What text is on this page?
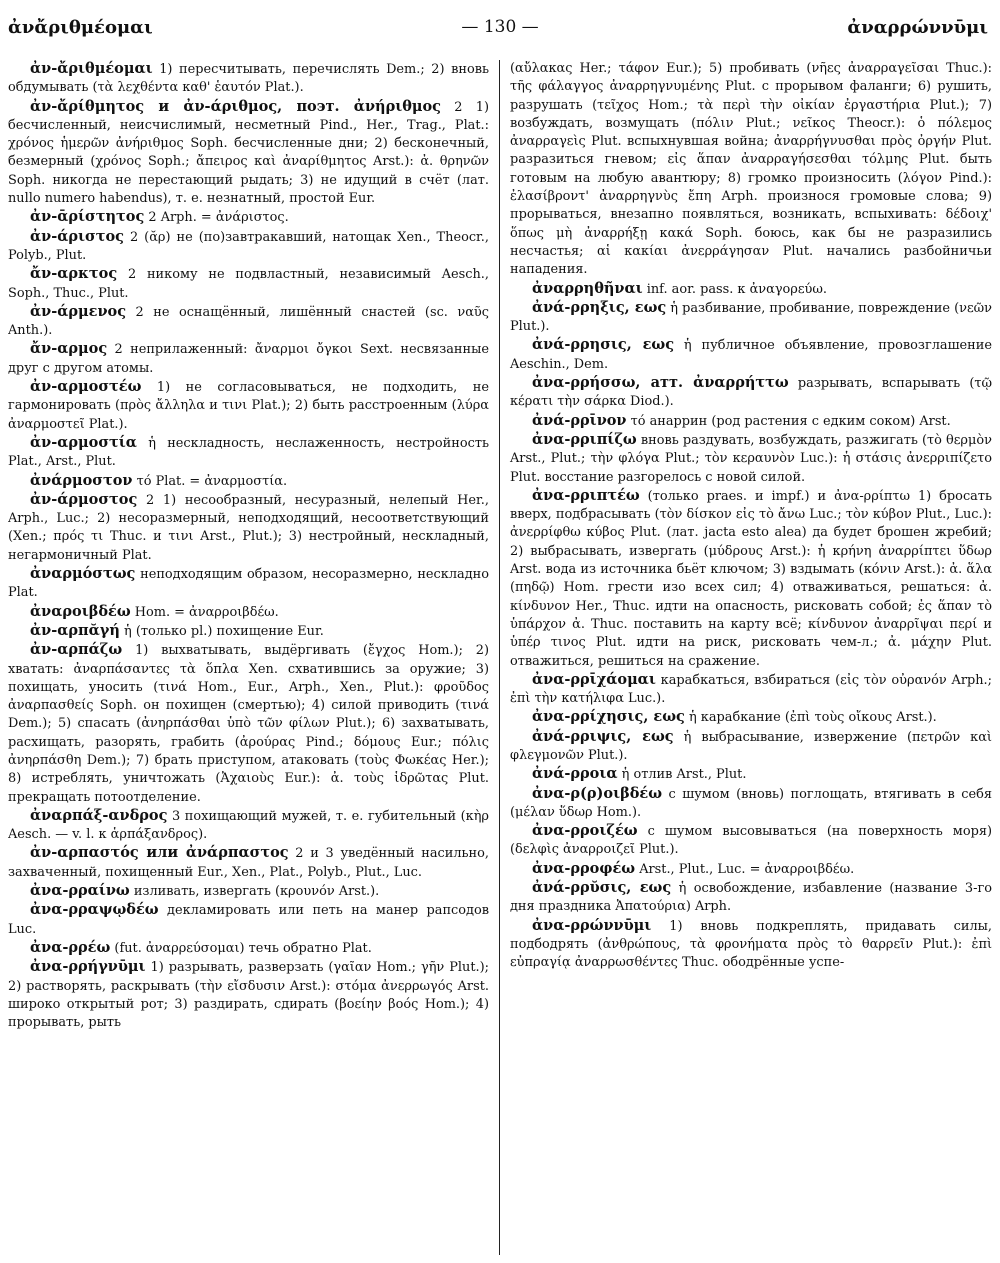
ἀνἄριθμέομαι	— 130 —	ἀναρρώννῡμι

ἀν-ἄριθμέομαι 1) пересчитывать, перечислять Dem.; 2) вновь обдумывать (τὰ λεχθέντα καθ' ἑαυτόν Plat.).

ἀν-ἄρίθμητος и ἀν-άριθμος, поэт. ἀνήριθμος 2 1) бесчисленный, неисчислимый, несметный Pind., Her., Trag., Plat.: χρόνος ἡμερῶν ἀνήριθμος Soph. бесчисленные дни; 2) бесконечный, безмерный (χρόνος Soph.; ἄπειρος καὶ ἀναρίθμητος Arst.): ἀ. θρηνῶν Soph. никогда не перестающий рыдать; 3) не идущий в счёт (лат. nullo numero habendus), т. е. незнатный, простой Eur.

ἀν-ᾱρίστητος 2 Arph. = ἀνάριστος.

ἀν-άριστος 2 (ᾰρ) не (по)завтракавший, натощак Xen., Theocr., Polyb., Plut.

ἄν-αρκτος 2 никому не подвластный, независимый Aesch., Soph., Thuc., Plut.

ἀν-άρμενος 2 не оснащённый, лишённый снастей (sc. ναῦς Anth.).

ἄν-αρμος 2 неприлаженный: ἄναρμοι ὄγκοι Sext. несвязанные друг с другом атомы.

ἀν-αρμοστέω 1) не согласовываться, не подходить, не гармонировать (πρὸς ἄλληλα и τινι Plat.); 2) быть расстроенным (λύρα ἀναρμοστεῖ Plat.).

ἀν-αρμοστία ἡ нескладность, неслаженность, нестройность Plat., Arst., Plut.

ἀνάρμοστον τό Plat. = ἀναρμοστία.

ἀν-άρμοστος 2 1) несообразный, несуразный, нелепый Her., Arph., Luc.; 2) несоразмерный, неподходящий, несоответствующий (Xen.; πρός τι Thuc. и τινι Arst., Plut.); 3) нестройный, нескладный, негармоничный Plat.

ἀναρμόστως неподходящим образом, несоразмерно, нескладно Plat.

ἀναροιβδέω Hom. = ἀναρροιβδέω.

ἀν-αρπᾰγή ἡ (только pl.) похищение Eur.

ἀν-αρπάζω 1) выхватывать, выдёргивать (ἔγχος Hom.); 2) хватать: ἀναρπάσαντες τὰ ὅπλα Xen. схватившись за оружие; 3) похищать, уносить (τινά Hom., Eur., Arph., Xen., Plut.): φροῦδος ἀναρπασθείς Soph. он похищен (смертью); 4) силой приводить (τινά Dem.); 5) спасать (ἀνηρπάσθαι ὑπὸ τῶν φίλων Plut.); 6) захватывать, расхищать, разорять, грабить (ἀρούρας Pind.; δόμους Eur.; πόλις ἀνηρπάσθη Dem.); 7) брать приступом, атаковать (τοὺς Φωκέας Her.); 8) истреблять, уничтожать (Ἀχαιοὺς Eur.): ἀ. τοὺς ἱδρῶτας Plut. прекращать потоотделение.

ἀναρπάξ-ανδρος 3 похищающий мужей, т. е. губительный (κὴρ Aesch. — v. l. к ἁρπάξανδρος).

ἀν-αρπαστός или ἀνάρπαστος 2 и 3 уведённый насильно, захваченный, похищенный Eur., Xen., Plat., Polyb., Plut., Luc.

ἀνα-ρραίνω изливать, извергать (κρουνόν Arst.).

ἀνα-ρραψῳδέω декламировать или петь на манер рапсодов Luc.

ἀνα-ρρέω (fut. ἀναρρεύσομαι) течь обратно Plat.

ἀνα-ρρήγνῡμι 1) разрывать, разверзать (γαῖαν Hom.; γῆν Plut.); 2) растворять, раскрывать (τὴν εἴσδυσιν Arst.): στόμα ἀνερρωγός Arst. широко открытый рот; 3) раздирать, сдирать (βοείην βοός Hom.); 4) прорывать, рыть

(αὔλακας Her.; τάφον Eur.); 5) пробивать (νῆες ἀναρραγεῖσαι Thuc.): τῆς φάλαγγος ἀναρρηγνυμένης Plut. с прорывом фаланги; 6) рушить, разрушать (τεῖχος Hom.; τὰ περὶ τὴν οἰκίαν ἐργαστήρια Plut.); 7) возбуждать, возмущать (πόλιν Plut.; νεῖκος Theocr.): ὁ πόλεμος ἀναρραγεὶς Plut. вспыхнувшая война; ἀναρρήγνυσθαι πρὸς ὀργήν Plut. разразиться гневом; εἰς ἅπαν ἀναρραγήσεσθαι τόλμης Plut. быть готовым на любую авантюру; 8) громко произносить (λόγον Pind.): ἐλασίβροντ' ἀναρρηγνὺς ἔπη Arph. произнося громовые слова; 9) прорываться, внезапно появляться, возникать, вспыхивать: δέδοιχ' ὅπως μὴ ἀναρρήξῃ κακά Soph. боюсь, как бы не разразились несчастья; αἱ κακίαι ἀνερράγησαν Plut. начались разбойничьи нападения.

ἀναρρηθῆναι inf. aor. pass. к ἀναγορεύω.

ἀνά-ρρηξις, εως ἡ разбивание, пробивание, повреждение (νεῶν Plut.).

ἀνά-ρρησις, εως ἡ публичное объявление, провозглашение Aeschin., Dem.

ἀνα-ρρήσσω, атт. ἀναρρήττω разрывать, вспарывать (τῷ κέρατι τὴν σάρκα Diod.).

ἀνά-ρρῑνον τό анаррин (род растения с едким соком) Arst.

ἀνα-ρριπίζω вновь раздувать, возбуждать, разжигать (τὸ θερμὸν Arst., Plut.; τὴν φλόγα Plut.; τὸν κεραυνὸν Luc.): ἡ στάσις ἀνερριπίζετο Plut. восстание разгорелось с новой силой.

ἀνα-ρριπτέω (только praes. и impf.) и ἀνα-ρρίπτω 1) бросать вверх, подбрасывать (τὸν δίσκον εἰς τὸ ἄνω Luc.; τὸν κύβον Plut., Luc.): ἀνερρίφθω κύβος Plut. (лат. jacta esto alea) да будет брошен жребий; 2) выбрасывать, извергать (μύδρους Arst.): ἡ κρήνη ἀναρρίπτει ὕδωρ Arst. вода из источника бьёт ключом; 3) вздымать (κόνιν Arst.): ἀ. ἅλα (πηδῷ) Hom. грести изо всех сил; 4) отваживаться, решаться: ἀ. κίνδυνον Her., Thuc. идти на опасность, рисковать собой; ἐς ἅπαν τὸ ὑπάρχον ἀ. Thuc. поставить на карту всё; κίνδυνον ἀναρρῖψαι περί и ὑπέρ τινος Plut. идти на риск, рисковать чем-л.; ἀ. μάχην Plut. отважиться, решиться на сражение.

ἀνα-ρρῑχάομαι карабкаться, взбираться (εἰς τὸν οὐρανόν Arph.; ἐπὶ τὴν κατήλιφα Luc.).

ἀνα-ρρίχησις, εως ἡ карабкание (ἐπὶ τοὺς οἴκους Arst.).

ἀνά-ρριψις, εως ἡ выбрасывание, извержение (πετρῶν καὶ φλεγμονῶν Plut.).

ἀνά-ρροια ἡ отлив Arst., Plut.

ἀνα-ρ(ρ)οιβδέω с шумом (вновь) поглощать, втягивать в себя (μέλαν ὕδωρ Hom.).

ἀνα-ρροιζέω с шумом высовываться (на поверхность моря) (δελφὶς ἀναρροιζεῖ Plut.).

ἀνα-ρροφέω Arst., Plut., Luc. = ἀναρροιβδέω.

ἀνά-ρρῠσις, εως ἡ освобождение, избавление (название 3-го дня праздника Ἀπατούρια) Arph.

ἀνα-ρρώννῡμι 1) вновь подкреплять, придавать силы, подбодрять (ἀνθρώπους, τὰ φρονήματα πρὸς τὸ θαρρεῖν Plut.): ἐπὶ εὐπραγίᾳ ἀναρρωσθέντες Thuc. ободрённые успе-
